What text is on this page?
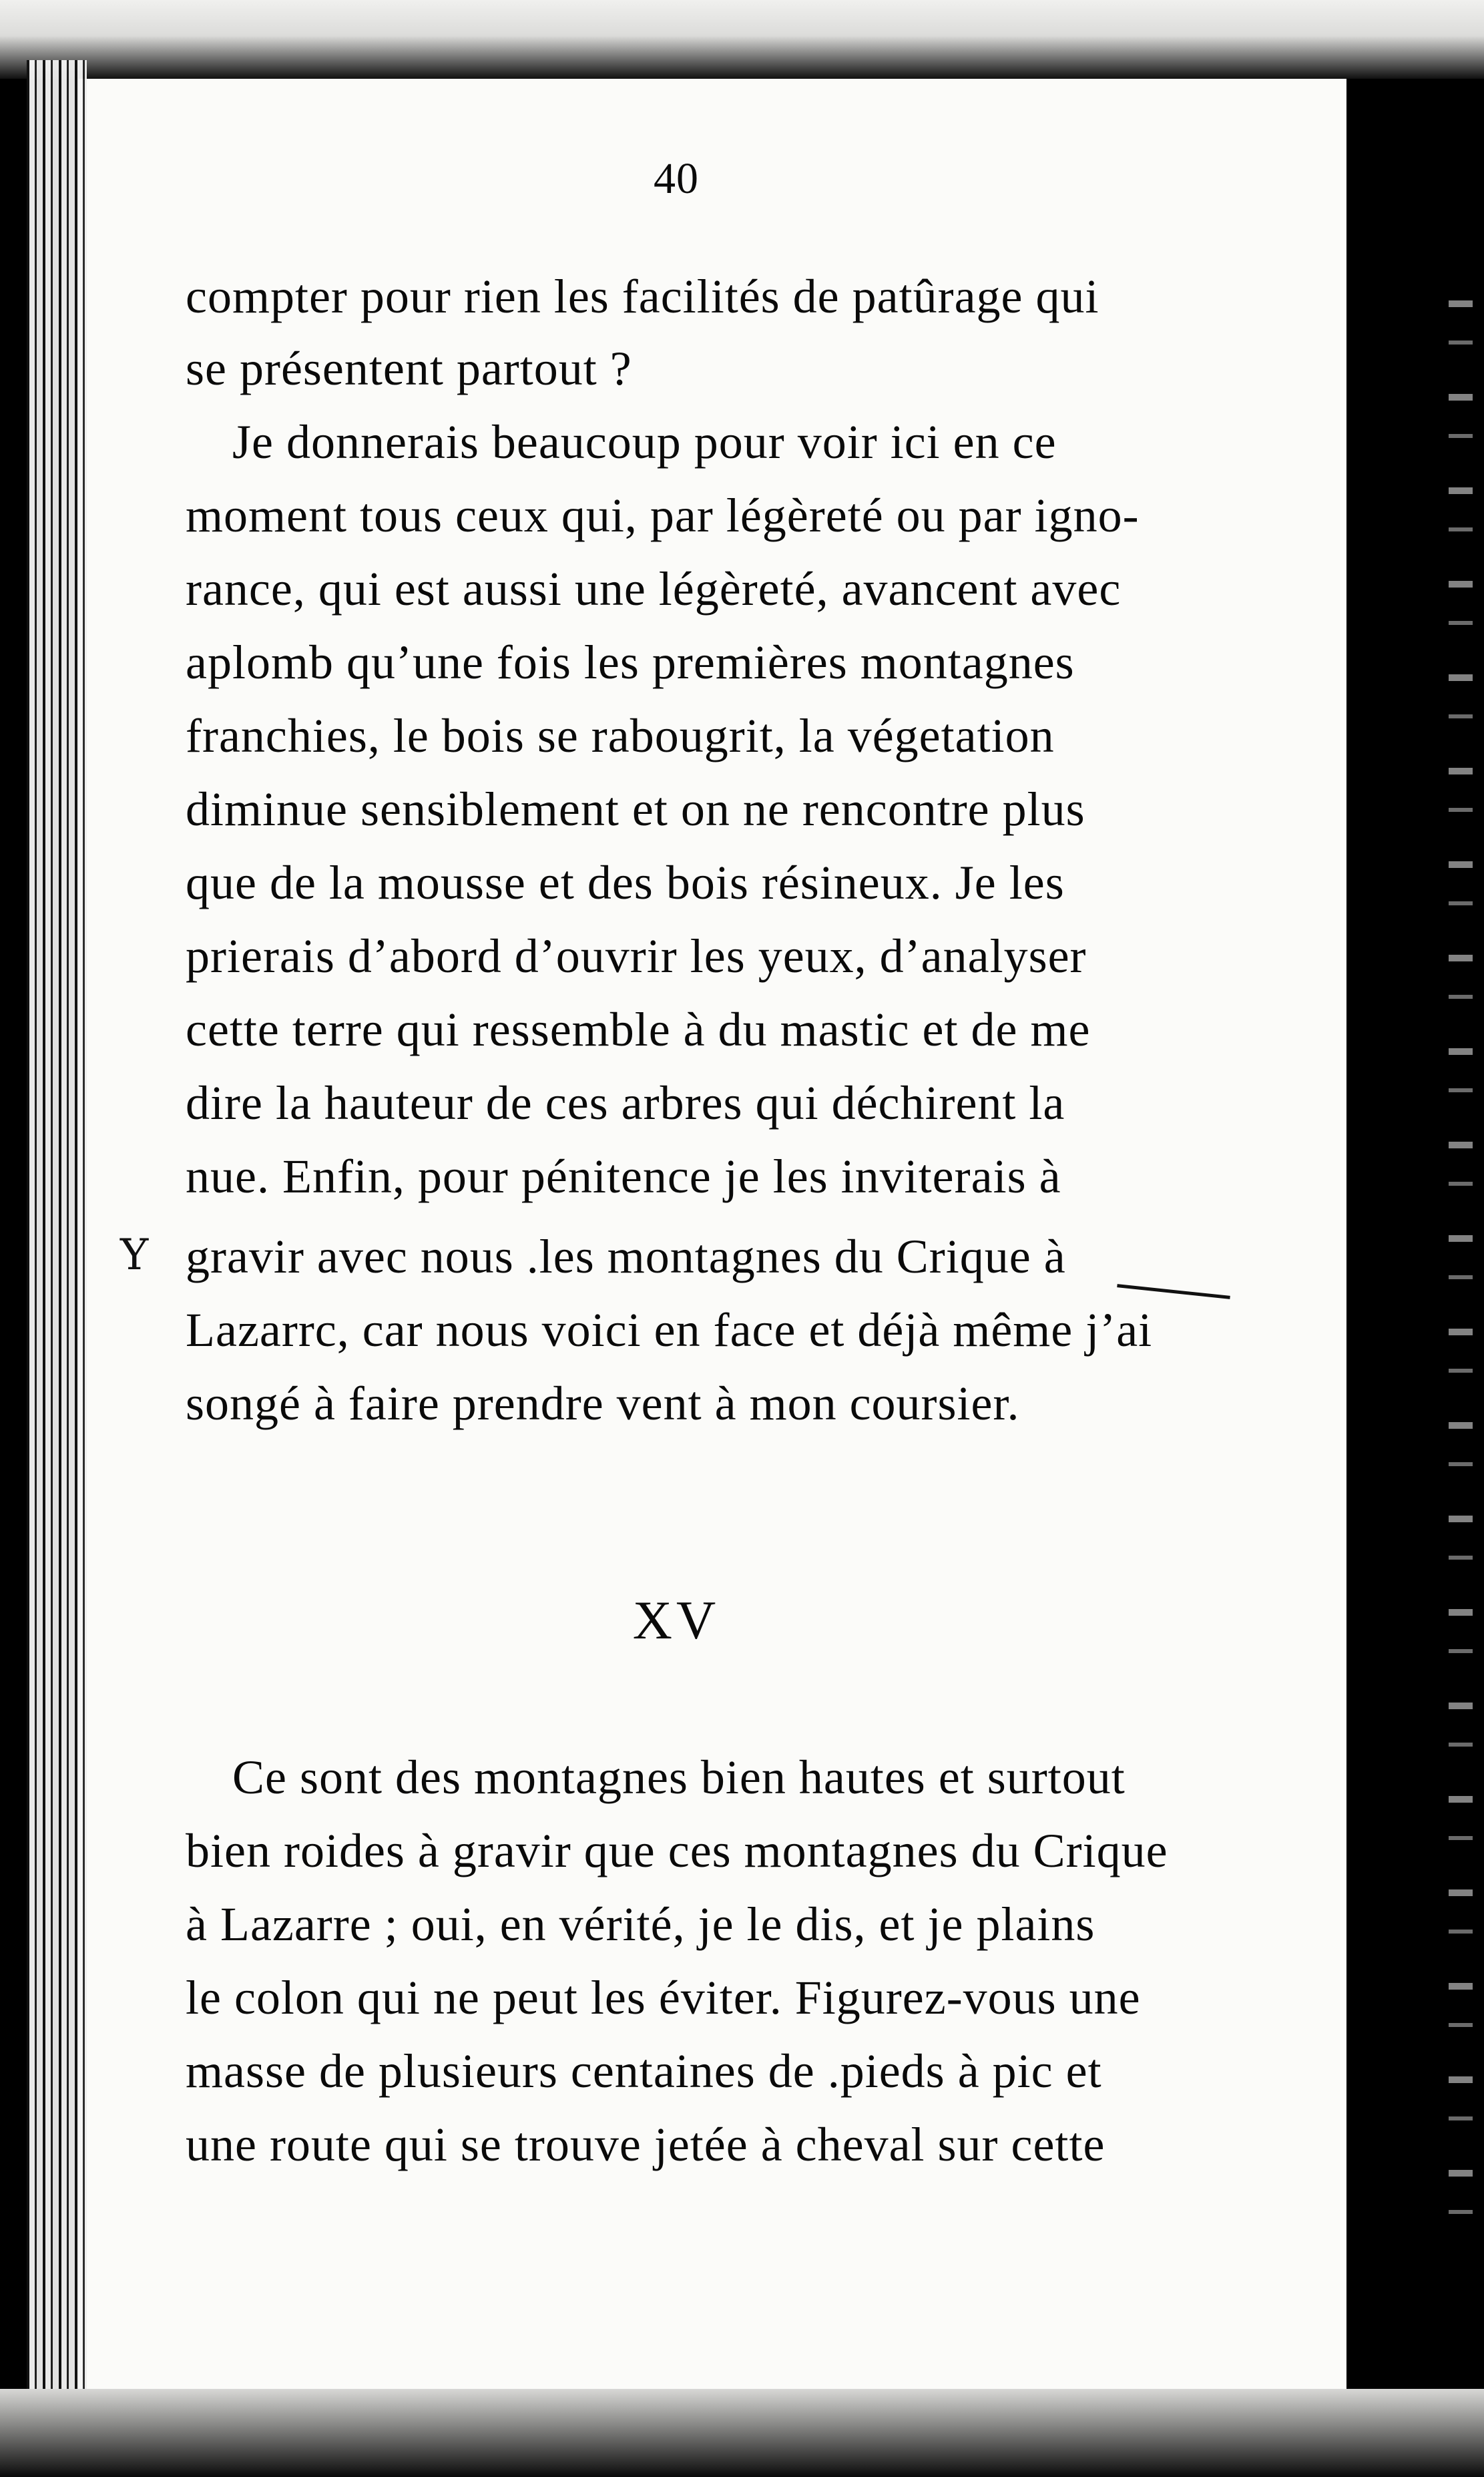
40
compter pour rien les facilités de patûrage qui
se présentent partout ?
Je donnerais beaucoup pour voir ici en ce
moment tous ceux qui, par légèreté ou par igno-
rance, qui est aussi une légèreté, avancent avec
aplomb qu’une fois les premières montagnes
franchies, le bois se rabougrit, la végetation
diminue sensiblement et on ne rencontre plus
que de la mousse et des bois résineux. Je les
prierais d’abord d’ouvrir les yeux, d’analyser
cette terre qui ressemble à du mastic et de me
dire la hauteur de ces arbres qui déchirent la
nue. Enfin, pour pénitence je les inviterais à
gravir avec nous .les montagnes du Crique à
Lazarrc, car nous voici en face et déjà même j’ai
songé à faire prendre vent à mon coursier.
XV
Ce sont des montagnes bien hautes et surtout
bien roides à gravir que ces montagnes du Crique
à Lazarre ; oui, en vérité, je le dis, et je plains
le colon qui ne peut les éviter. Figurez-vous une
masse de plusieurs centaines de .pieds à pic et
une route qui se trouve jetée à cheval sur cette
Y
